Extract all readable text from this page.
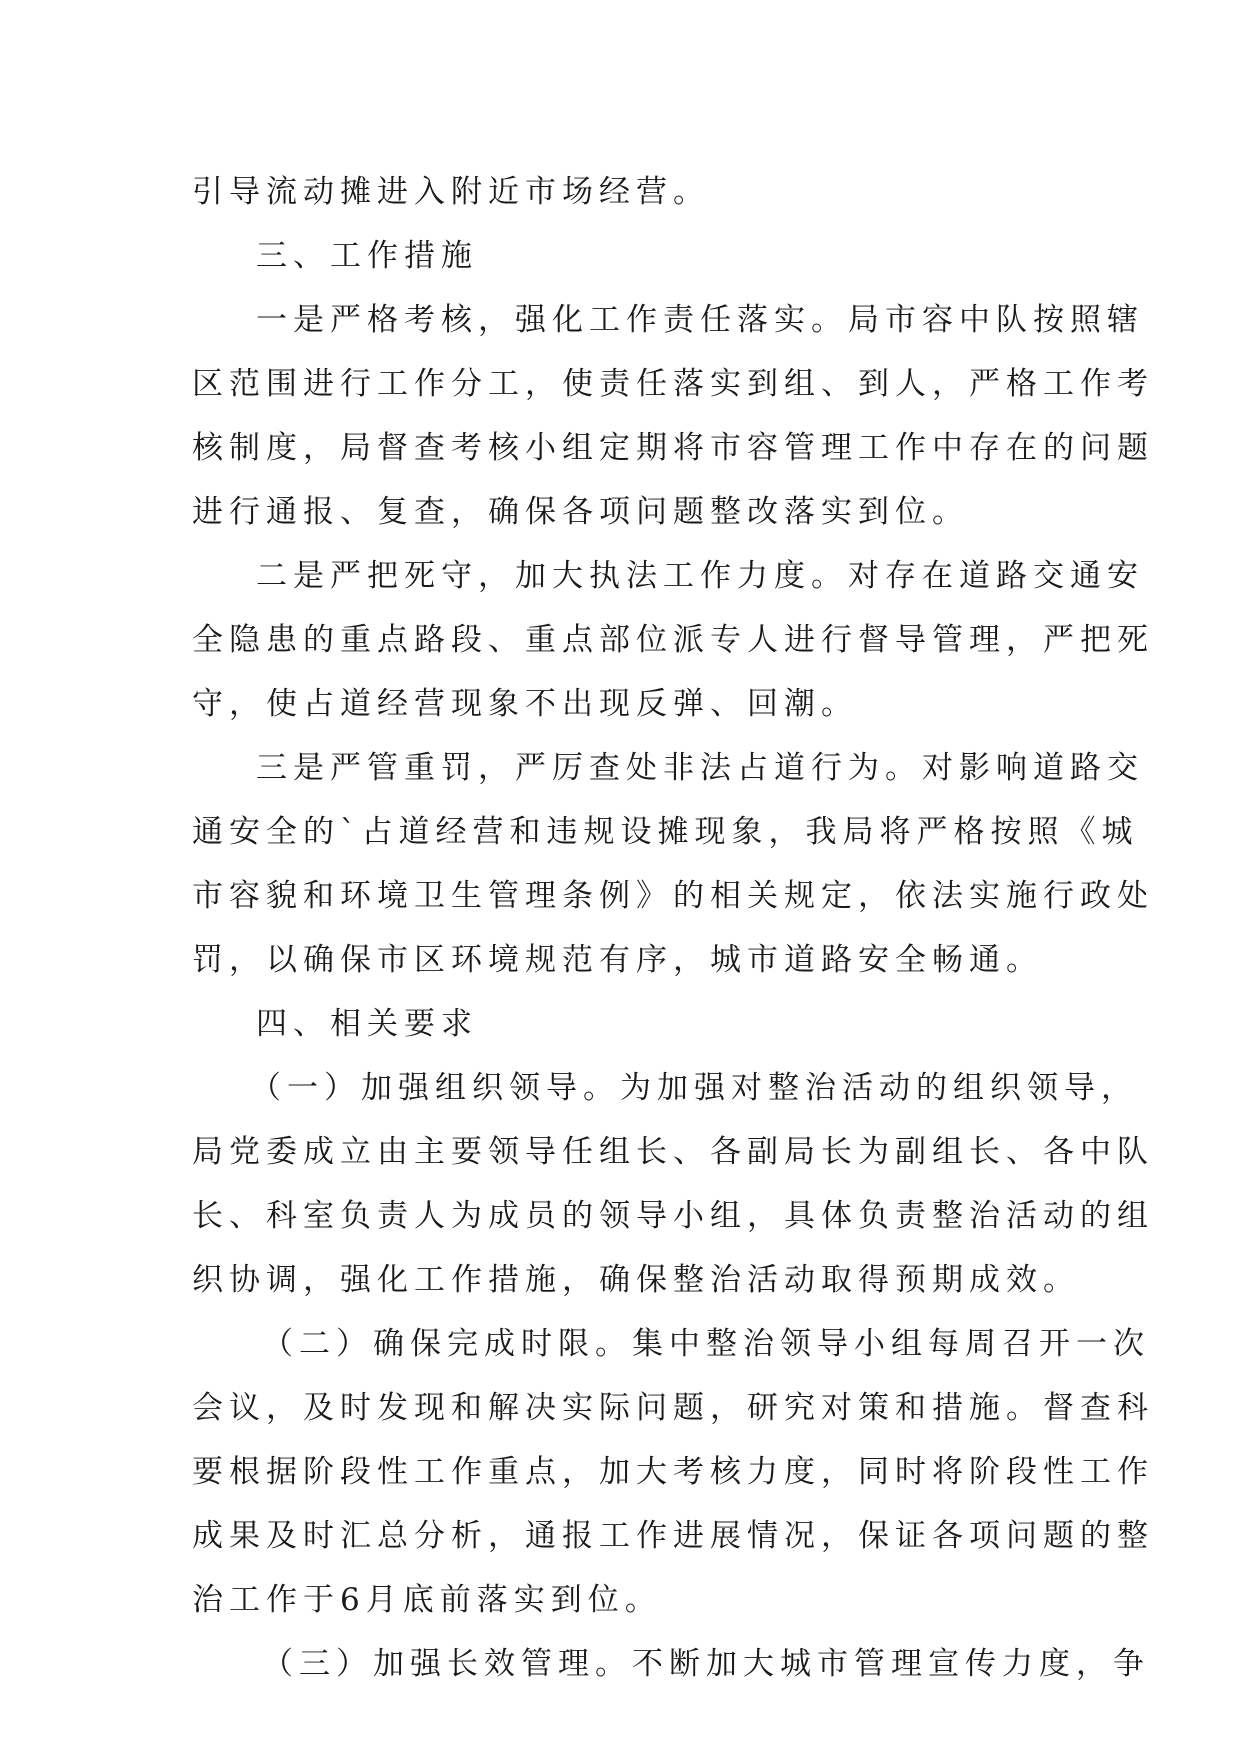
引导流动摊进入附近市场经营。

三、工作措施

一是严格考核，强化工作责任落实。局市容中队按照辖

区范围进行工作分工，使责任落实到组、到人，严格工作考

核制度，局督查考核小组定期将市容管理工作中存在的问题

进行通报、复查，确保各项问题整改落实到位。

二是严把死守，加大执法工作力度。对存在道路交通安

全隐患的重点路段、重点部位派专人进行督导管理，严把死

守，使占道经营现象不出现反弹、回潮。

三是严管重罚，严厉查处非法占道行为。对影响道路交

通安全的`占道经营和违规设摊现象，我局将严格按照《城

市容貌和环境卫生管理条例》的相关规定，依法实施行政处

罚，以确保市区环境规范有序，城市道路安全畅通。

四、相关要求

（一）加强组织领导。为加强对整治活动的组织领导，

局党委成立由主要领导任组长、各副局长为副组长、各中队

长、科室负责人为成员的领导小组，具体负责整治活动的组

织协调，强化工作措施，确保整治活动取得预期成效。

（二）确保完成时限。集中整治领导小组每周召开一次

会议，及时发现和解决实际问题，研究对策和措施。督查科

要根据阶段性工作重点，加大考核力度，同时将阶段性工作

成果及时汇总分析，通报工作进展情况，保证各项问题的整

治工作于6月底前落实到位。

（三）加强长效管理。不断加大城市管理宣传力度，争
